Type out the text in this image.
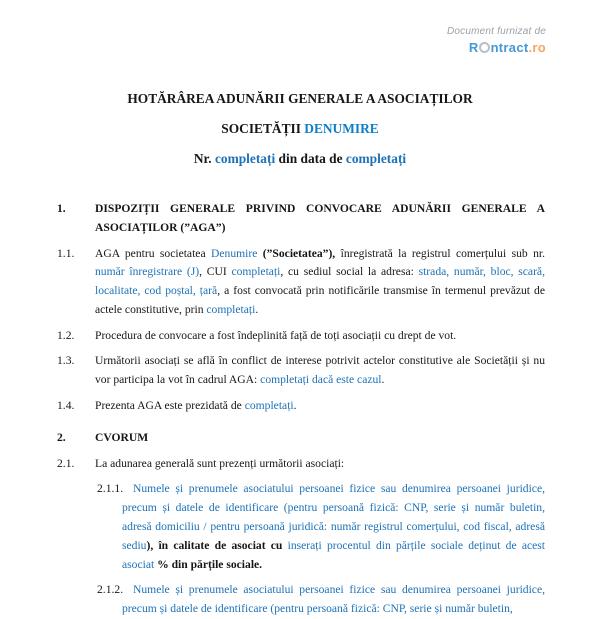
Document furnizat de
R ntract.ro
HOTĂRÂREA ADUNĂRII GENERALE A ASOCIAȚILOR
SOCIETĂȚII DENUMIRE
Nr. completați din data de completați
1.	DISPOZIȚII GENERALE PRIVIND CONVOCARE ADUNĂRII GENERALE A ASOCIAȚILOR (”AGA”)
1.1. AGA pentru societatea Denumire (”Societatea”), înregistrată la registrul comerțului sub nr. număr înregistrare (J), CUI completați, cu sediul social la adresa: strada, număr, bloc, scară, localitate, cod poștal, țară, a fost convocată prin notificările transmise în termenul prevăzut de actele constitutive, prin completați.
1.2. Procedura de convocare a fost îndeplinită față de toți asociații cu drept de vot.
1.3. Următorii asociați se află în conflict de interese potrivit actelor constitutive ale Societății și nu vor participa la vot în cadrul AGA: completați dacă este cazul.
1.4. Prezenta AGA este prezidată de completați.
2.	CVORUM
2.1. La adunarea generală sunt prezenți următorii asociați:
2.1.1. Numele și prenumele asociatului persoanei fizice sau denumirea persoanei juridice, precum și datele de identificare (pentru persoană fizică: CNP, serie și număr buletin, adresă domiciliu / pentru persoană juridică: număr registrul comerțului, cod fiscal, adresă sediu), în calitate de asociat cu inserați procentul din părțile sociale deținut de acest asociat % din părțile sociale.
2.1.2. Numele și prenumele asociatului persoanei fizice sau denumirea persoanei juridice, precum și datele de identificare (pentru persoană fizică: CNP, serie și număr buletin,
